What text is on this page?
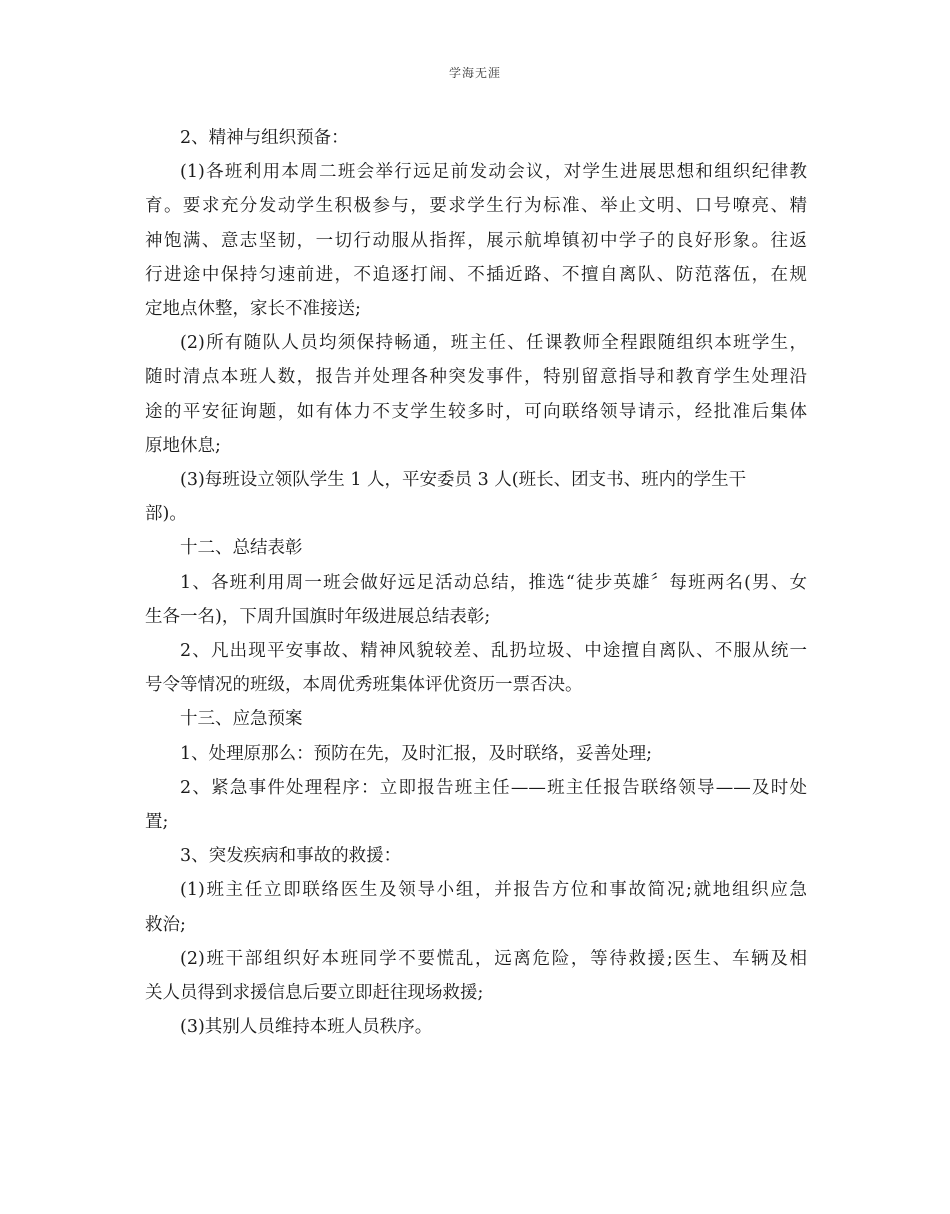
学海无涯
2、精神与组织预备：
(1)各班利用本周二班会举行远足前发动会议，对学生进展思想和组织纪律教
育。要求充分发动学生积极参与，要求学生行为标准、举止文明、口号嘹亮、精
神饱满、意志坚韧，一切行动服从指挥，展示航埠镇初中学子的良好形象。往返
行进途中保持匀速前进，不追逐打闹、不插近路、不擅自离队、防范落伍，在规
定地点休整，家长不准接送;
(2)所有随队人员均须保持畅通，班主任、任课教师全程跟随组织本班学生，
随时清点本班人数，报告并处理各种突发事件，特别留意指导和教育学生处理沿
途的平安征询题，如有体力不支学生较多时，可向联络领导请示，经批准后集体
原地休息;
(3)每班设立领队学生 1 人，平安委员 3 人(班长、团支书、班内的学生干
部)。
十二、总结表彰
1、各班利用周一班会做好远足活动总结，推选“徒步英雄〞每班两名(男、女
生各一名)，下周升国旗时年级进展总结表彰;
2、凡出现平安事故、精神风貌较差、乱扔垃圾、中途擅自离队、不服从统一
号令等情况的班级，本周优秀班集体评优资历一票否决。
十三、应急预案
1、处理原那么：预防在先，及时汇报，及时联络，妥善处理;
2、紧急事件处理程序：立即报告班主任——班主任报告联络领导——及时处
置;
3、突发疾病和事故的救援：
(1)班主任立即联络医生及领导小组，并报告方位和事故简况;就地组织应急
救治;
(2)班干部组织好本班同学不要慌乱，远离危险，等待救援;医生、车辆及相
关人员得到求援信息后要立即赶往现场救援;
(3)其别人员维持本班人员秩序。
